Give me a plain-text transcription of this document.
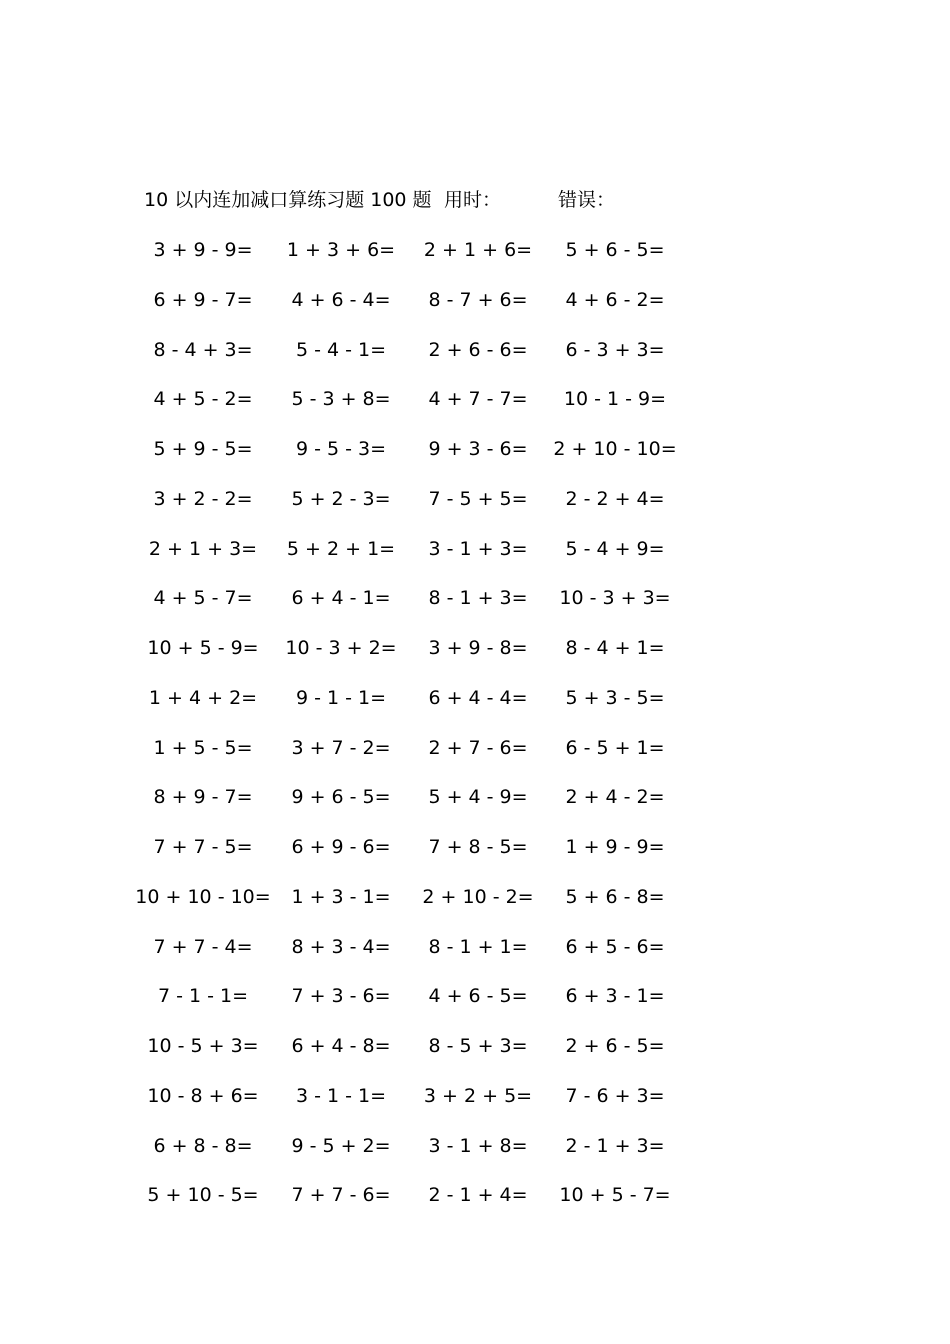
10 以内连加减口算练习题 100 题 用时：	错误：
3 + 9 - 9=	1 + 3 + 6=	2 + 1 + 6=	5 + 6 - 5=
6 + 9 - 7=	4 + 6 - 4=	8 - 7 + 6=	4 + 6 - 2=
8 - 4 + 3=	5 - 4 - 1=	2 + 6 - 6=	6 - 3 + 3=
4 + 5 - 2=	5 - 3 + 8=	4 + 7 - 7=	10 - 1 - 9=
5 + 9 - 5=	9 - 5 - 3=	9 + 3 - 6=	2 + 10 - 10=
3 + 2 - 2=	5 + 2 - 3=	7 - 5 + 5=	2 - 2 + 4=
2 + 1 + 3=	5 + 2 + 1=	3 - 1 + 3=	5 - 4 + 9=
4 + 5 - 7=	6 + 4 - 1=	8 - 1 + 3=	10 - 3 + 3=
10 + 5 - 9=	10 - 3 + 2=	3 + 9 - 8=	8 - 4 + 1=
1 + 4 + 2=	9 - 1 - 1=	6 + 4 - 4=	5 + 3 - 5=
1 + 5 - 5=	3 + 7 - 2=	2 + 7 - 6=	6 - 5 + 1=
8 + 9 - 7=	9 + 6 - 5=	5 + 4 - 9=	2 + 4 - 2=
7 + 7 - 5=	6 + 9 - 6=	7 + 8 - 5=	1 + 9 - 9=
10 + 10 - 10=	1 + 3 - 1=	2 + 10 - 2=	5 + 6 - 8=
7 + 7 - 4=	8 + 3 - 4=	8 - 1 + 1=	6 + 5 - 6=
7 - 1 - 1=	7 + 3 - 6=	4 + 6 - 5=	6 + 3 - 1=
10 - 5 + 3=	6 + 4 - 8=	8 - 5 + 3=	2 + 6 - 5=
10 - 8 + 6=	3 - 1 - 1=	3 + 2 + 5=	7 - 6 + 3=
6 + 8 - 8=	9 - 5 + 2=	3 - 1 + 8=	2 - 1 + 3=
5 + 10 - 5=	7 + 7 - 6=	2 - 1 + 4=	10 + 5 - 7=
